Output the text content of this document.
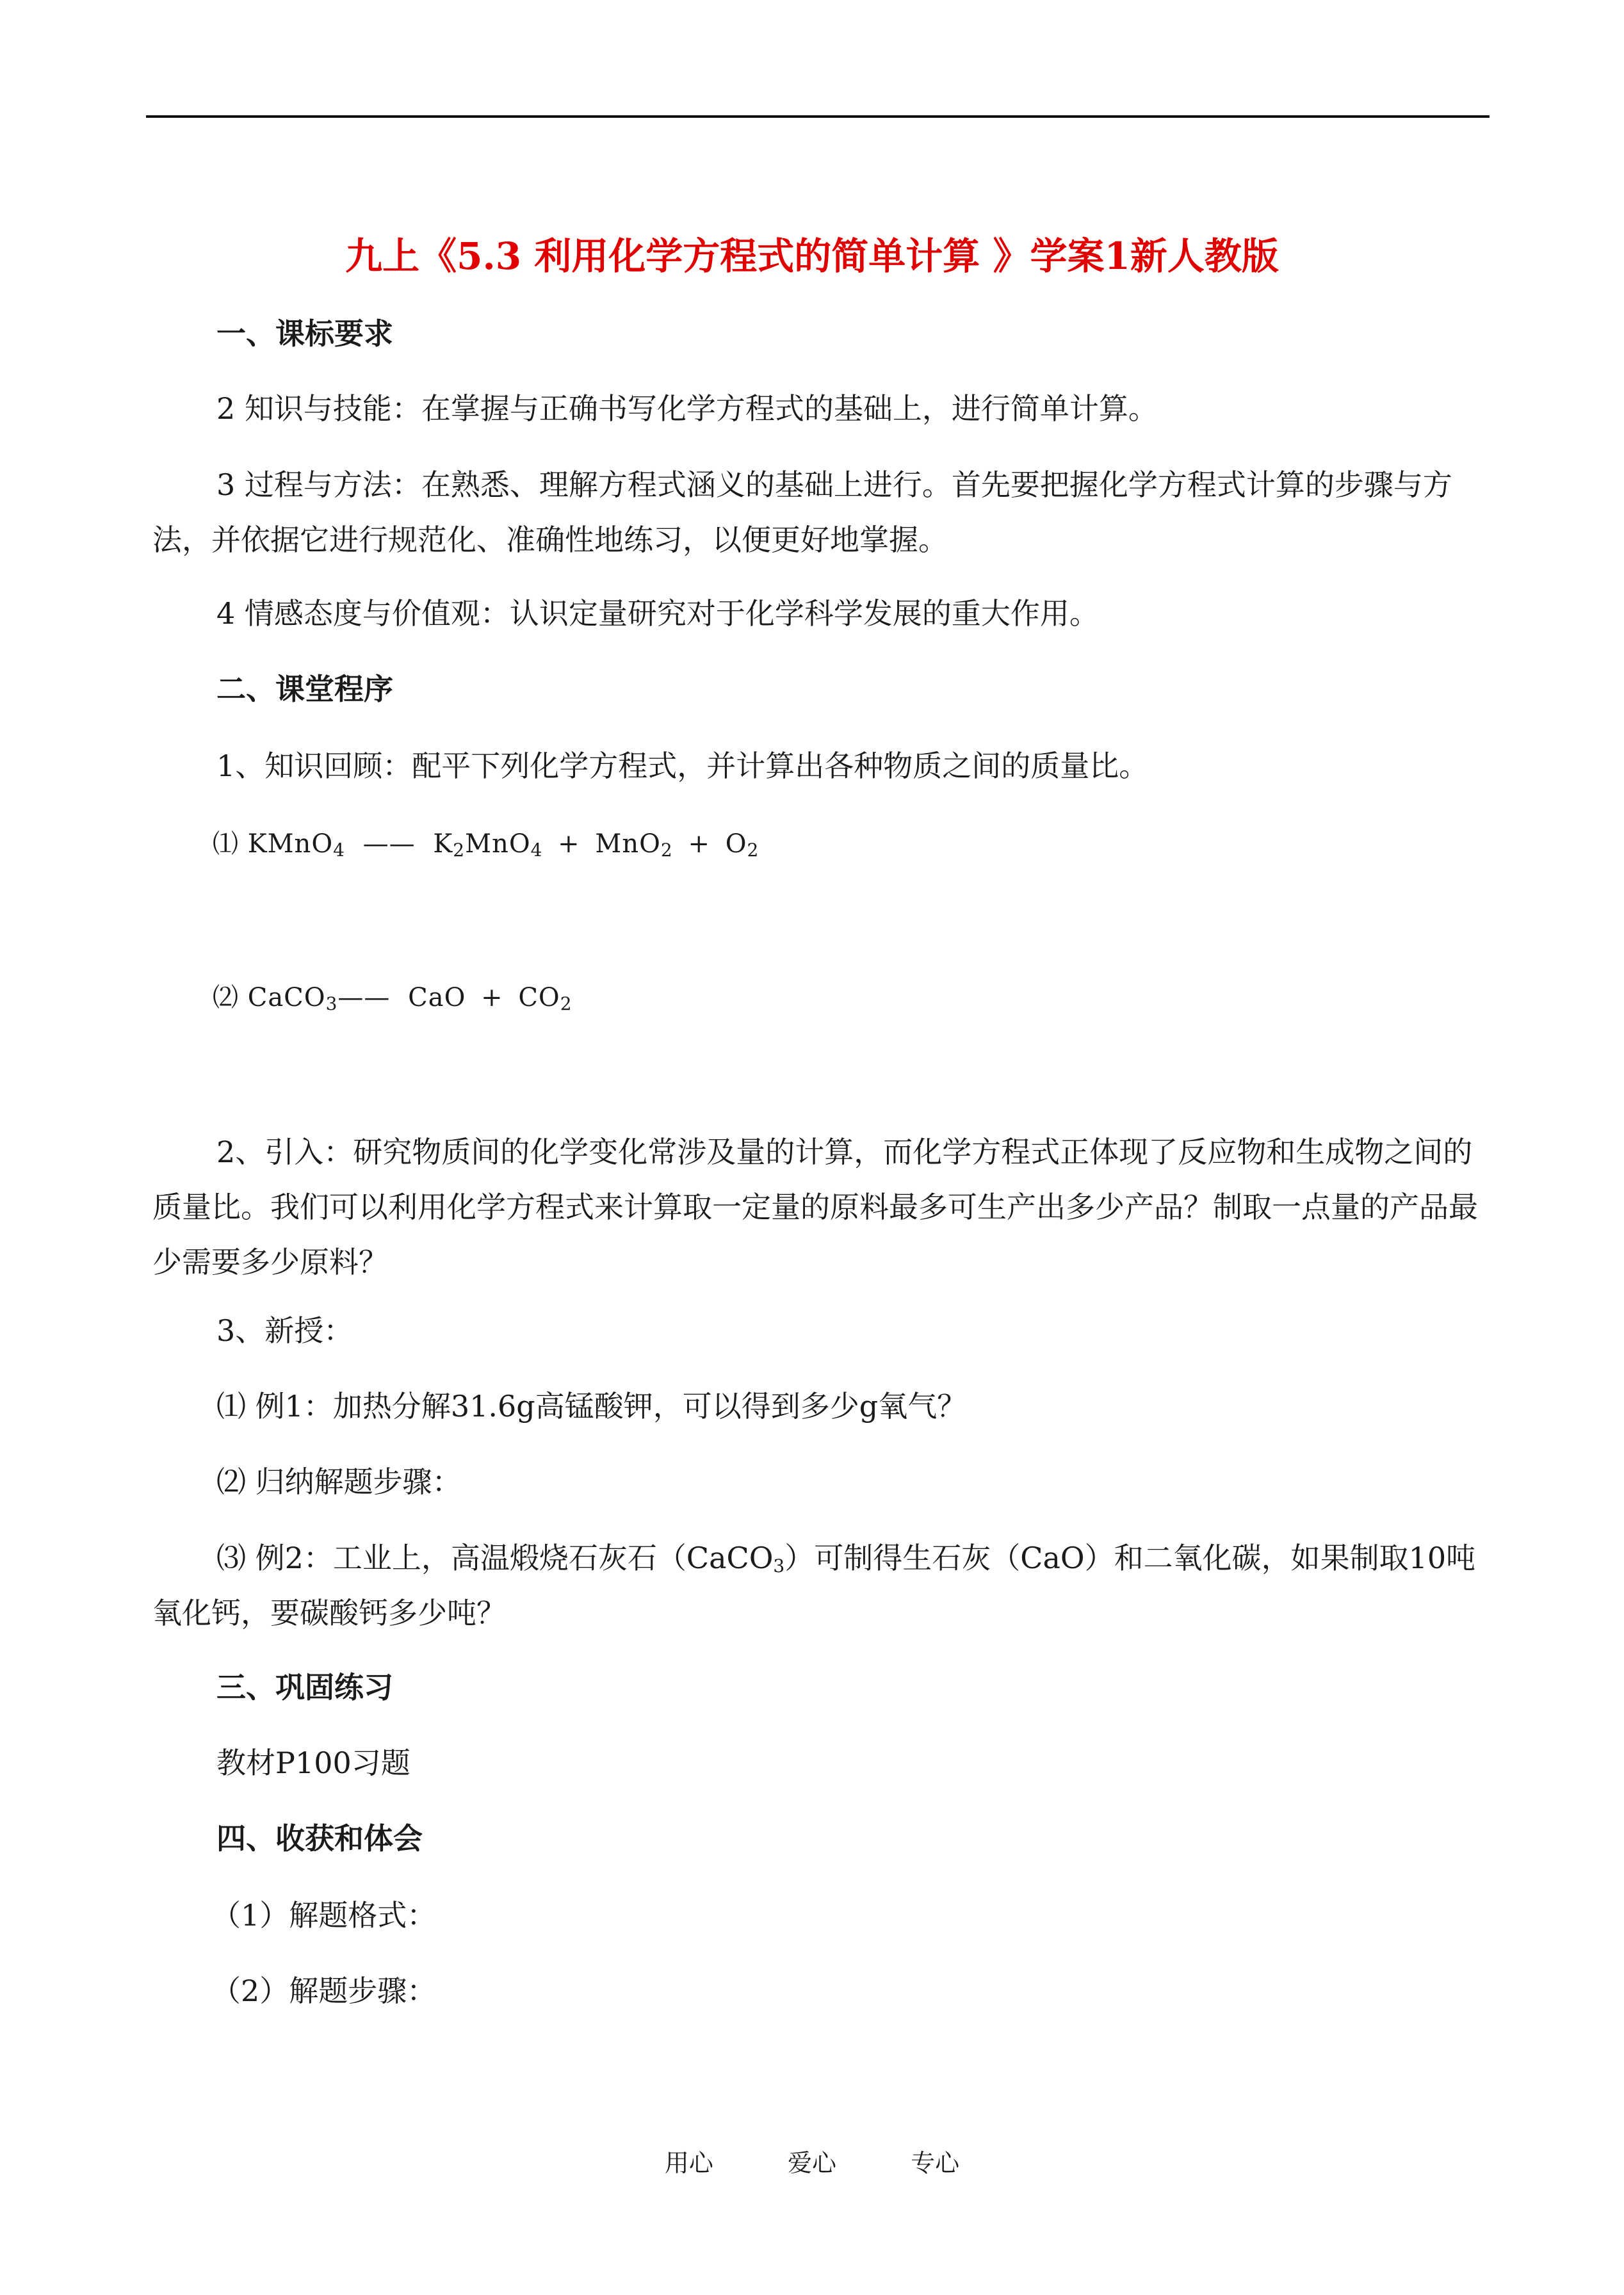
九上《5.3 利用化学方程式的简单计算 》学案1新人教版
一、课标要求
2 知识与技能：在掌握与正确书写化学方程式的基础上，进行简单计算。
3 过程与方法：在熟悉、理解方程式涵义的基础上进行。首先要把握化学方程式计算的步骤与方法，并依据它进行规范化、准确性地练习，以便更好地掌握。
4 情感态度与价值观：认识定量研究对于化学科学发展的重大作用。
二、课堂程序
1、知识回顾：配平下列化学方程式，并计算出各种物质之间的质量比。
⑴ KMnO$_4$ —— $K_2MnO_4 + MnO_2 + O_2$
⑵ CaCO$_3$—— CaO + $CO_2$
2、引入：研究物质间的化学变化常涉及量的计算，而化学方程式正体现了反应物和生成物之间的质量比。我们可以利用化学方程式来计算取一定量的原料最多可生产出多少产品？制取一点量的产品最少需要多少原料？
3、新授：
⑴ 例1：加热分解31.6g高锰酸钾，可以得到多少g氧气？
⑵ 归纳解题步骤：
⑶ 例2：工业上，高温煅烧石灰石（CaCO$_3$）可制得生石灰（CaO）和二氧化碳，如果制取10吨氧化钙，要碳酸钙多少吨？
三、巩固练习
教材P100习题
四、收获和体会
（1）解题格式：
（2）解题步骤：
用心	爱心	专心
